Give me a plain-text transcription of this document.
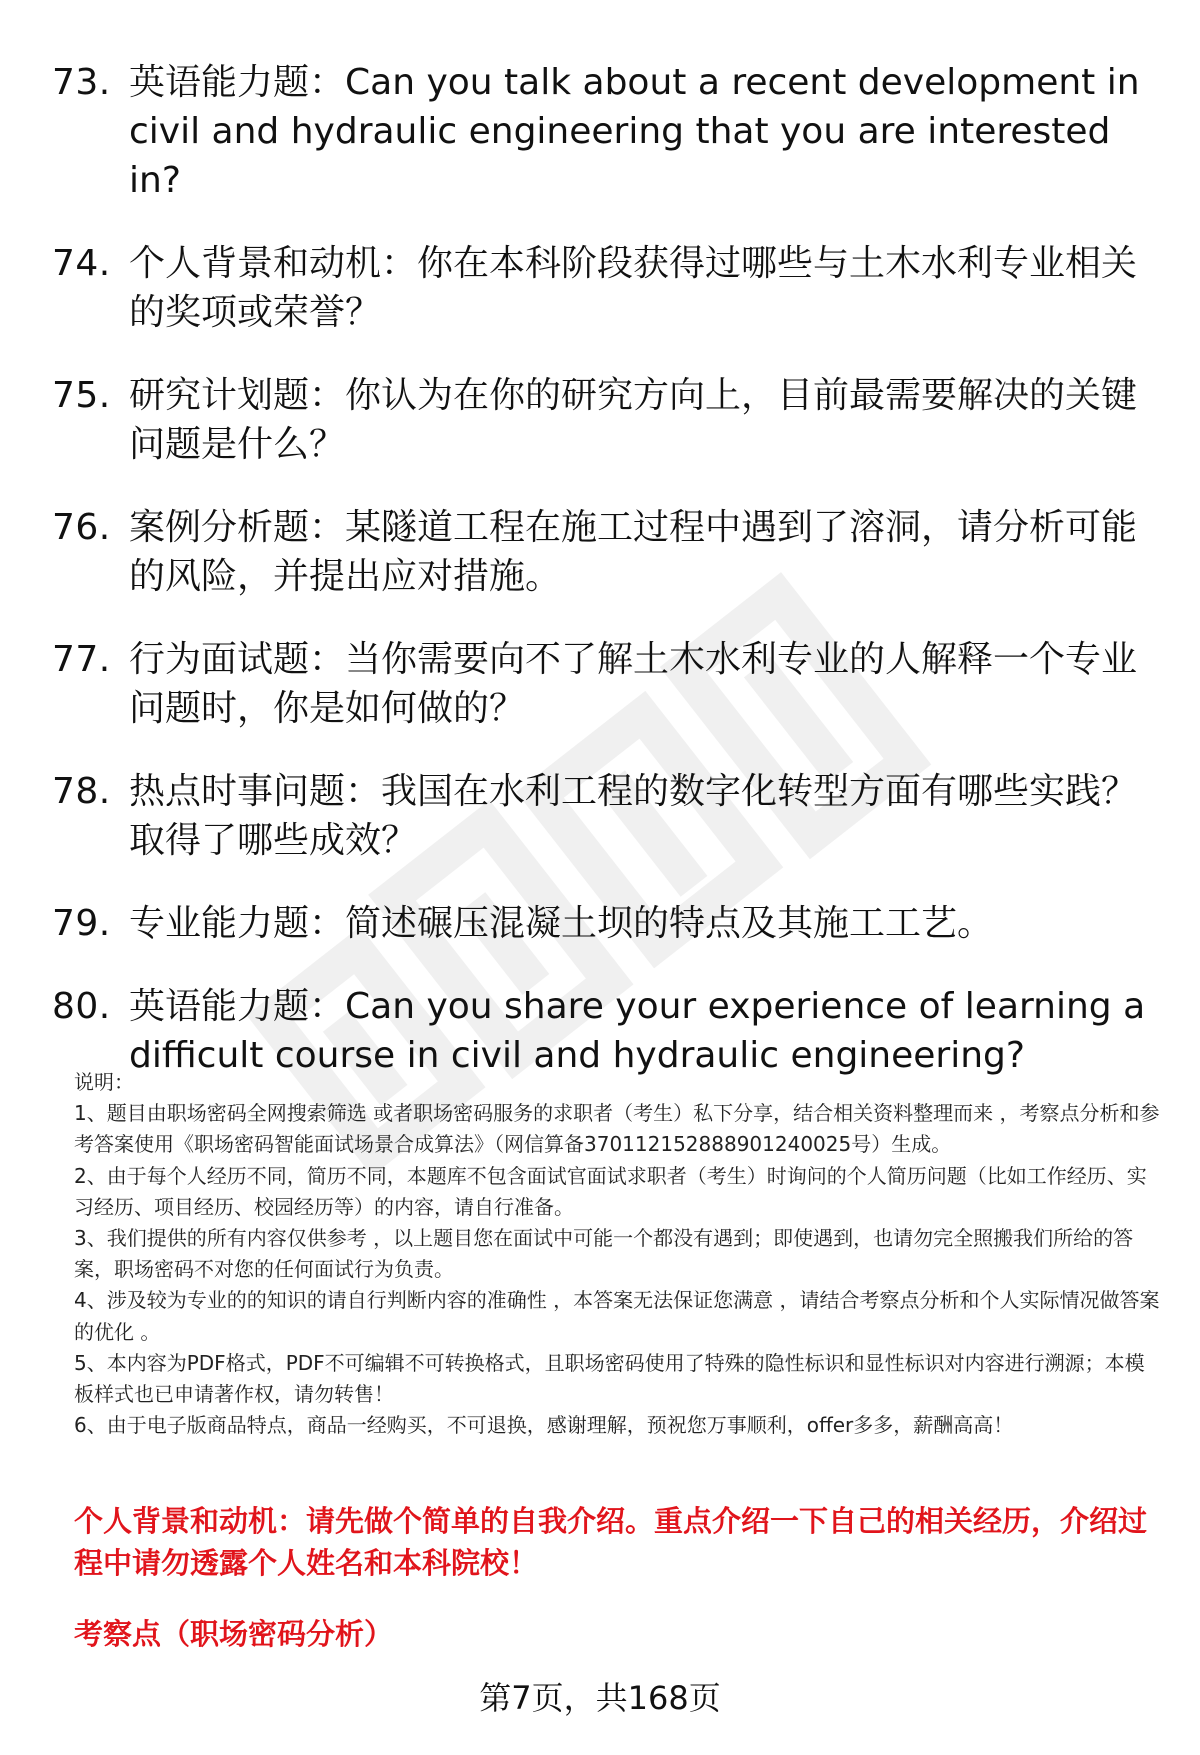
73. 英语能力题：Can you talk about a recent development in civil and hydraulic engineering that you are interested in?
74. 个人背景和动机：你在本科阶段获得过哪些与土木水利专业相关的奖项或荣誉？
75. 研究计划题：你认为在你的研究方向上，目前最需要解决的关键问题是什么？
76. 案例分析题：某隧道工程在施工过程中遇到了溶洞，请分析可能的风险，并提出应对措施。
77. 行为面试题：当你需要向不了解土木水利专业的人解释一个专业问题时，你是如何做的？
78. 热点时事问题：我国在水利工程的数字化转型方面有哪些实践？取得了哪些成效？
79. 专业能力题：简述碾压混凝土坝的特点及其施工工艺。
80. 英语能力题：Can you share your experience of learning a difficult course in civil and hydraulic engineering?

说明：

1、题目由职场密码全网搜索筛选 或者职场密码服务的求职者（考生）私下分享，结合相关资料整理而来 ，考察点分析和参考答案使用《职场密码智能面试场景合成算法》（网信算备370112152888901240025号）生成。

2、由于每个人经历不同，简历不同，本题库不包含面试官面试求职者（考生）时询问的个人简历问题（比如工作经历、实习经历、项目经历、校园经历等）的内容，请自行准备。

3、我们提供的所有内容仅供参考 ，以上题目您在面试中可能一个都没有遇到；即使遇到，也请勿完全照搬我们所给的答案，职场密码不对您的任何面试行为负责。

4、涉及较为专业的的知识的请自行判断内容的准确性 ，本答案无法保证您满意 ，请结合考察点分析和个人实际情况做答案的优化 。

5、本内容为PDF格式，PDF不可编辑不可转换格式，且职场密码使用了特殊的隐性标识和显性标识对内容进行溯源；本模板样式也已申请著作权，请勿转售！

6、由于电子版商品特点，商品一经购买，不可退换，感谢理解，预祝您万事顺利，offer多多，薪酬高高！

个人背景和动机：请先做个简单的自我介绍。重点介绍一下自己的相关经历，介绍过程中请勿透露个人姓名和本科院校！
考察点（职场密码分析）
第7页，共168页
